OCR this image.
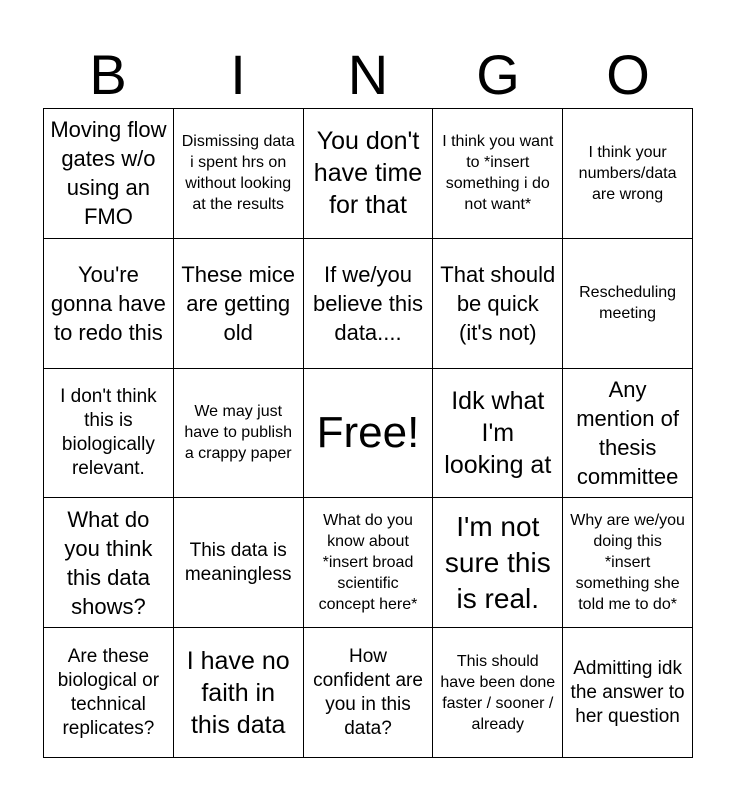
B	I	N	G	O
Moving flow gates w/o using an FMO
Dismissing data i spent hrs on without looking at the results
You don't have time for that
I think you want to *insert something i do not want*
I think your numbers/data are wrong
You're gonna have to redo this
These mice are getting old
If we/you believe this data....
That should be quick (it's not)
Rescheduling meeting
I don't think this is biologically relevant.
We may just have to publish a crappy paper Free!
Idk what I'm looking at
Any mention of thesis committee
What do you think this data shows?
This data is meaningless
What do you know about *insert broad scientific concept here*
I'm not sure this is real.
Why are we/you doing this *insert something she told me to do*
Are these biological or technical replicates?
I have no faith in this data
How confident are you in this data?
This should have been done faster / sooner / already
Admitting idk the answer to her question
